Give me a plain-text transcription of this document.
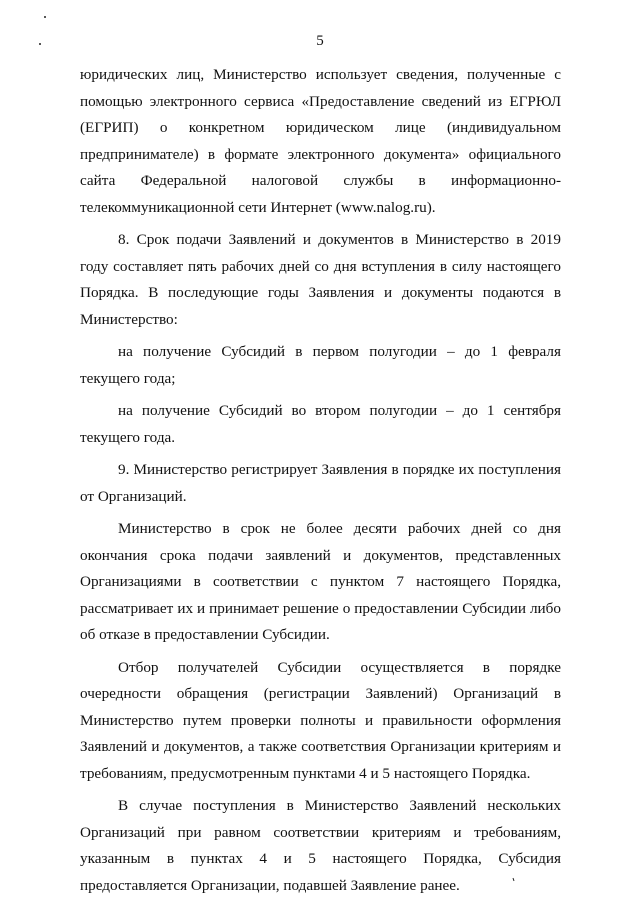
5

юридических лиц, Министерство использует сведения, полученные с помощью электронного сервиса «Предоставление сведений из ЕГРЮЛ (ЕГРИП) о конкретном юридическом лице (индивидуальном предпринимателе) в формате электронного документа» официального сайта Федеральной налоговой службы в информационно-телекоммуникационной сети Интернет (www.nalog.ru).

8. Срок подачи Заявлений и документов в Министерство в 2019 году составляет пять рабочих дней со дня вступления в силу настоящего Порядка. В последующие годы Заявления и документы подаются в Министерство:

на получение Субсидий в первом полугодии – до 1 февраля текущего года;

на получение Субсидий во втором полугодии – до 1 сентября текущего года.

9. Министерство регистрирует Заявления в порядке их поступления от Организаций.

Министерство в срок не более десяти рабочих дней со дня окончания срока подачи заявлений и документов, представленных Организациями в соответствии с пунктом 7 настоящего Порядка, рассматривает их и принимает решение о предоставлении Субсидии либо об отказе в предоставлении Субсидии.

Отбор получателей Субсидии осуществляется в порядке очередности обращения (регистрации Заявлений) Организаций в Министерство путем проверки полноты и правильности оформления Заявлений и документов, а также соответствия Организации критериям и требованиям, предусмотренным пунктами 4 и 5 настоящего Порядка.

В случае поступления в Министерство Заявлений нескольких Организаций при равном соответствии критериям и требованиям, указанным в пунктах 4 и 5 настоящего Порядка, Субсидия предоставляется Организации, подавшей Заявление ранее.
